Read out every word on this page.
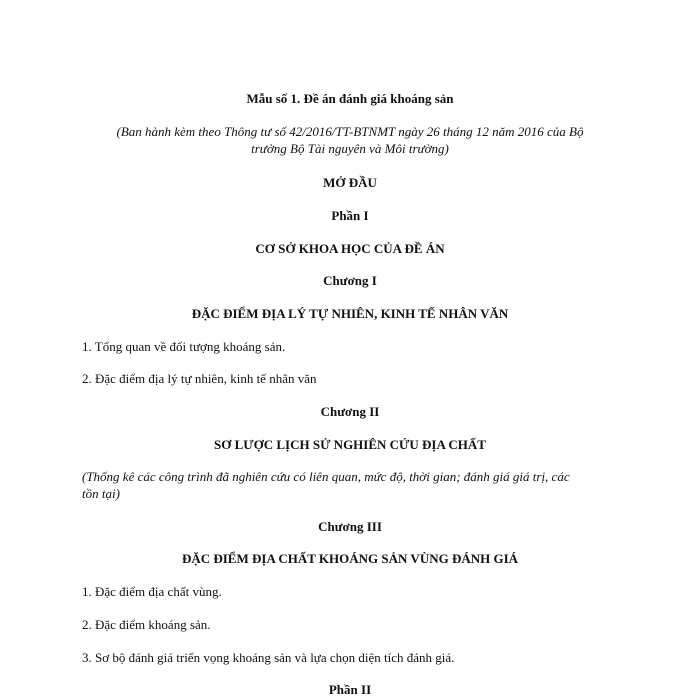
Mẫu số 1. Đề án đánh giá khoáng sản
(Ban hành kèm theo Thông tư số 42/2016/TT-BTNMT ngày 26 tháng 12 năm 2016 của Bộ
trưởng Bộ Tài nguyên và Môi trường)
MỞ ĐẦU
Phần I
CƠ SỞ KHOA HỌC CỦA ĐỀ ÁN
Chương I
ĐẶC ĐIỂM ĐỊA LÝ TỰ NHIÊN, KINH TẾ NHÂN VĂN
1. Tổng quan về đối tượng khoáng sản.
2. Đặc điểm địa lý tự nhiên, kinh tế nhân văn
Chương II
SƠ LƯỢC LỊCH SỬ NGHIÊN CỨU ĐỊA CHẤT
(Thống kê các công trình đã nghiên cứu có liên quan, mức độ, thời gian; đánh giá giá trị, các
tồn tại)
Chương III
ĐẶC ĐIỂM ĐỊA CHẤT KHOÁNG SẢN VÙNG ĐÁNH GIÁ
1. Đặc điểm địa chất vùng.
2. Đặc điểm khoáng sản.
3. Sơ bộ đánh giá triển vọng khoáng sản và lựa chọn diện tích đánh giá.
Phần II
